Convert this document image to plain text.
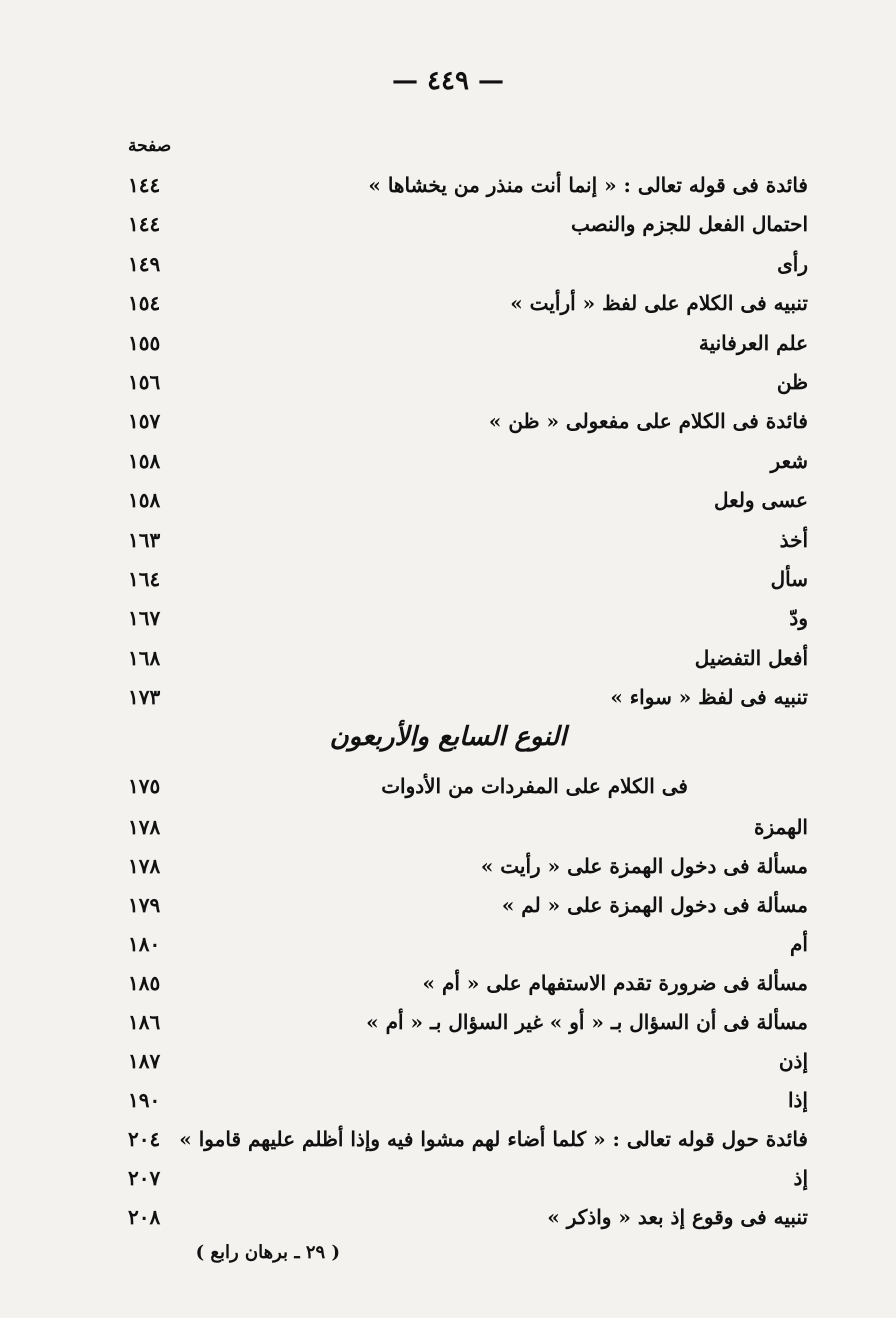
— ٤٤٩ —
صفحة
١٤٤	فائدة فى قوله تعالى : « إنما أنت منذر من يخشاها »
١٤٤	احتمال الفعل للجزم والنصب
١٤٩	رأى
١٥٤	تنبيه فى الكلام على لفظ « أرأيت »
١٥٥	علم العرفانية
١٥٦	ظن
١٥٧	فائدة فى الكلام على مفعولى « ظن »
١٥٨	شعر
١٥٨	عسى ولعل
١٦٣	أخذ
١٦٤	سأل
١٦٧	ودّ
١٦٨	أفعل التفضيل
١٧٣	تنبيه فى لفظ « سواء »
النوع السابع والأربعون
١٧٥	فى الكلام على المفردات من الأدوات
١٧٨	الهمزة
١٧٨	مسألة فى دخول الهمزة على « رأيت »
١٧٩	مسألة فى دخول الهمزة على « لم »
١٨٠	أم
١٨٥	مسألة فى ضرورة تقدم الاستفهام على « أم »
١٨٦	مسألة فى أن السؤال بـ « أو » غير السؤال بـ « أم »
١٨٧	إذن
١٩٠	إذا
٢٠٤ فائدة حول قوله تعالى : « كلما أضاء لهم مشوا فيه وإذا أظلم عليهم قاموا »
٢٠٧	إذ
٢٠٨	تنبيه فى وقوع إذ بعد « واذكر »
( ٢٩ ـ برهان رابع )
